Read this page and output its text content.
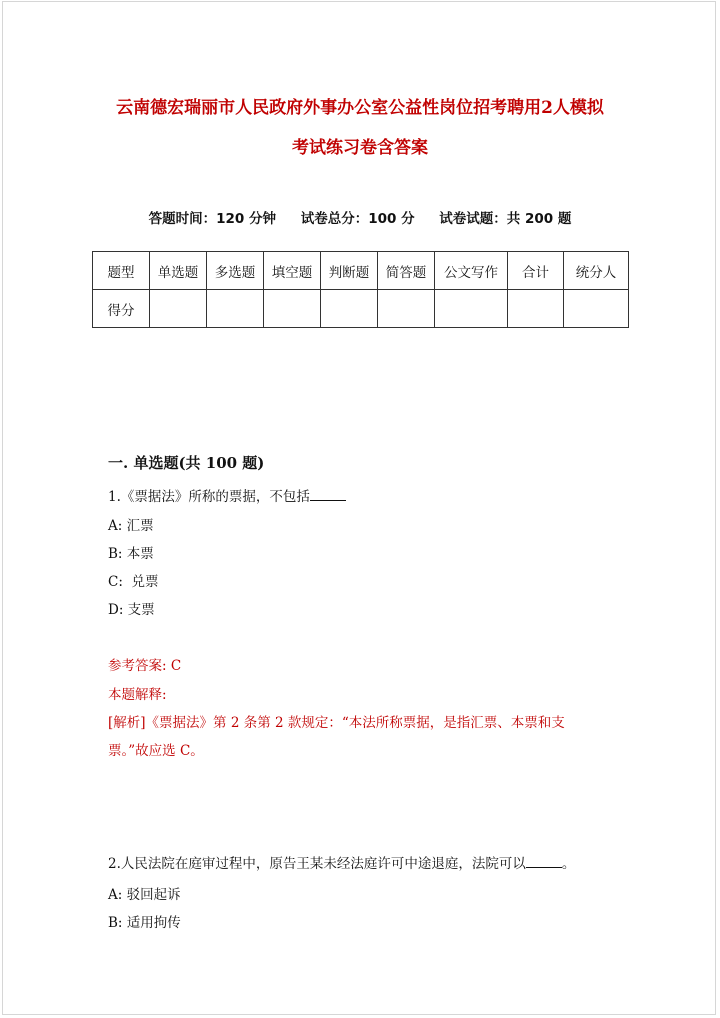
云南德宏瑞丽市人民政府外事办公室公益性岗位招考聘用2人模拟
考试练习卷含答案
答题时间：120 分钟 试卷总分：100 分 试卷试题：共 200 题
题型	单选题	多选题	填空题	判断题	简答题	公文写作	合计	统分人
得分								
一. 单选题(共 100 题)
1.《票据法》所称的票据，不包括
A: 汇票
B: 本票
C:  兑票
D: 支票
参考答案: C
本题解释:
[解析]《票据法》第 2 条第 2 款规定：“本法所称票据，是指汇票、本票和支
票。”故应选 C。
2.人民法院在庭审过程中，原告王某未经法庭许可中途退庭，法院可以	。
A: 驳回起诉
B: 适用拘传
